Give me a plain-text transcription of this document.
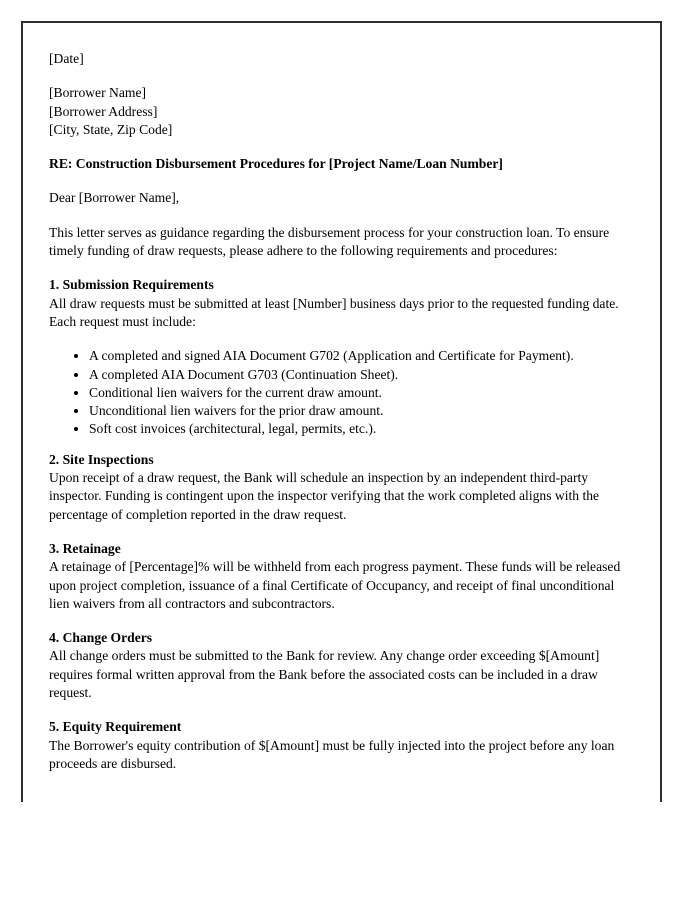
[Date]

[Borrower Name]
[Borrower Address]
[City, State, Zip Code]

RE: Construction Disbursement Procedures for [Project Name/Loan Number]

Dear [Borrower Name],

This letter serves as guidance regarding the disbursement process for your construction loan. To ensure timely funding of draw requests, please adhere to the following requirements and procedures:

1. Submission Requirements
All draw requests must be submitted at least [Number] business days prior to the requested funding date. Each request must include:
• A completed and signed AIA Document G702 (Application and Certificate for Payment).
• A completed AIA Document G703 (Continuation Sheet).
• Conditional lien waivers for the current draw amount.
• Unconditional lien waivers for the prior draw amount.
• Soft cost invoices (architectural, legal, permits, etc.).
2. Site Inspections
Upon receipt of a draw request, the Bank will schedule an inspection by an independent third-party inspector. Funding is contingent upon the inspector verifying that the work completed aligns with the percentage of completion reported in the draw request.
3. Retainage
A retainage of [Percentage]% will be withheld from each progress payment. These funds will be released upon project completion, issuance of a final Certificate of Occupancy, and receipt of final unconditional lien waivers from all contractors and subcontractors.
4. Change Orders
All change orders must be submitted to the Bank for review. Any change order exceeding $[Amount] requires formal written approval from the Bank before the associated costs can be included in a draw request.
5. Equity Requirement
The Borrower's equity contribution of $[Amount] must be fully injected into the project before any loan proceeds are disbursed.
